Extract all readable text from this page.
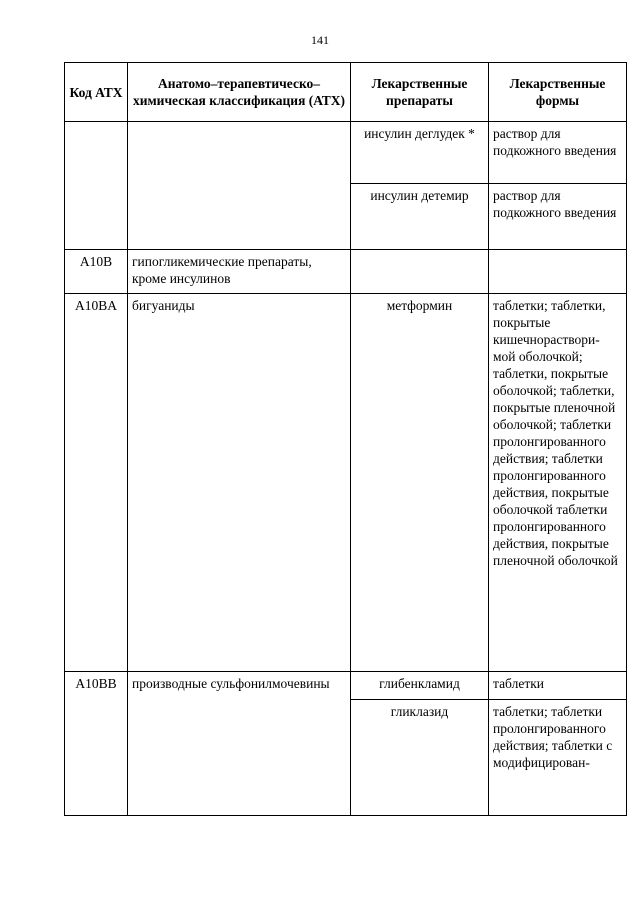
141
Код АТХ	Анатомо–терапевтическо–химическая классификация (АТХ)	Лекарственные препараты	Лекарственные формы
		инсулин деглудек *	раствор для подкожного введения
		инсулин детемир	раствор для подкожного введения
A10B	гипогликемические препараты, кроме инсулинов		
A10BA	бигуаниды	метформин	таблетки; таблетки, покрытые кишечнораствори-мой оболочкой; таблетки, покрытые оболочкой; таблетки, покрытые пленочной оболочкой; таблетки пролонгированного действия; таблетки пролонгированного действия, покрытые оболочкой таблетки пролонгированного действия, покрытые пленочной оболочкой
A10BB	производные сульфонилмочевины	глибенкламид	таблетки
		гликлазид	таблетки; таблетки пролонгированного действия; таблетки с модифицирован-
